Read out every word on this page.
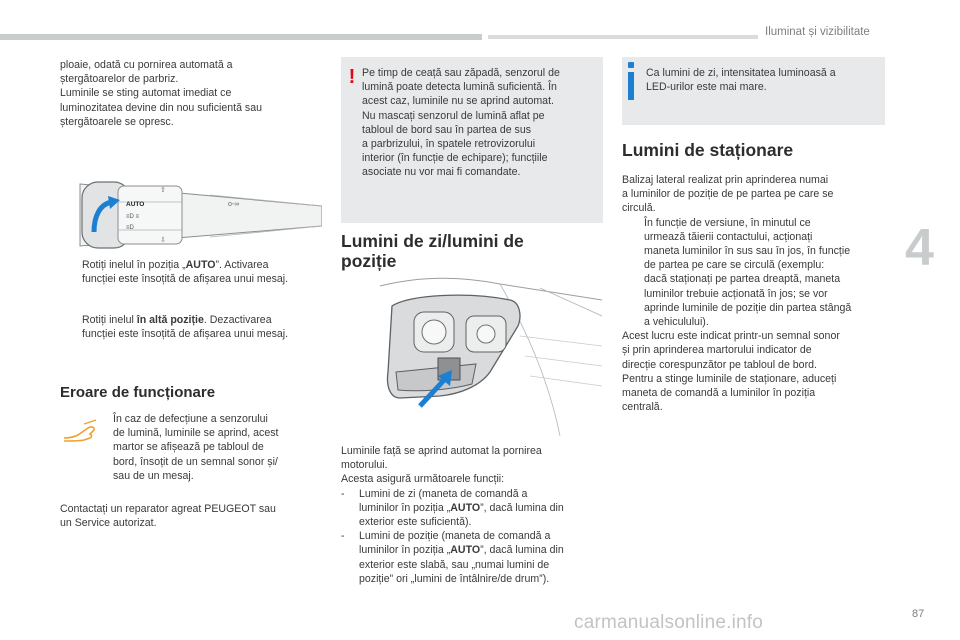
Iluminat și vizibilitate
4

ploaie, odată cu pornirea automată a

ștergătoarelor de parbriz.

Luminile se sting automat imediat ce

luminozitatea devine din nou suficientă sau

ștergătoarele se opresc.

AUTO
≡D ≡
≡D
⇧
⇩
o-∞

Rotiți inelul în poziția „AUTO”. Activarea

funcției este însoțită de afișarea unui mesaj.

Rotiți inelul în altă poziție. Dezactivarea

funcției este însoțită de afișarea unui mesaj.

Eroare de funcționare

În caz de defecțiune a senzorului

de lumină, luminile se aprind, acest

martor se afișează pe tabloul de

bord, însoțit de un semnal sonor și/

sau de un mesaj.

Contactați un reparator agreat PEUGEOT sau

un Service autorizat.

! Pe timp de ceață sau zăpadă, senzorul de

lumină poate detecta lumină suficientă. În

acest caz, luminile nu se aprind automat.

Nu mascați senzorul de lumină aflat pe

tabloul de bord sau în partea de sus

a parbrizului, în spatele retrovizorului

interior (în funcție de echipare); funcțiile

asociate nu vor mai fi comandate.

Lumini de zi/lumini de
poziție

Luminile față se aprind automat la pornirea

motorului.

Acesta asigură următoarele funcții:

-	Lumini de zi (maneta de comandă a

luminilor în poziția „AUTO”, dacă lumina din

exterior este suficientă).

-	Lumini de poziție (maneta de comandă a

luminilor în poziția „AUTO”, dacă lumina din

exterior este slabă, sau „numai lumini de

poziție” ori „lumini de întâlnire/de drum”).

Ca lumini de zi, intensitatea luminoasă a

LED-urilor este mai mare.

Lumini de staționare

Balizaj lateral realizat prin aprinderea numai

a luminilor de poziție de pe partea pe care se

circulă.

În funcție de versiune, în minutul ce

urmează tăierii contactului, acționați

maneta luminilor în sus sau în jos, în funcție

de partea pe care se circulă (exemplu:

dacă staționați pe partea dreaptă, maneta

luminilor trebuie acționată în jos; se vor

aprinde luminile de poziție din partea stângă

a vehiculului).

Acest lucru este indicat printr-un semnal sonor

și prin aprinderea martorului indicator de

direcție corespunzător pe tabloul de bord.

Pentru a stinge luminile de staționare, aduceți

maneta de comandă a luminilor în poziția

centrală.

carmanualsonline.info	87
